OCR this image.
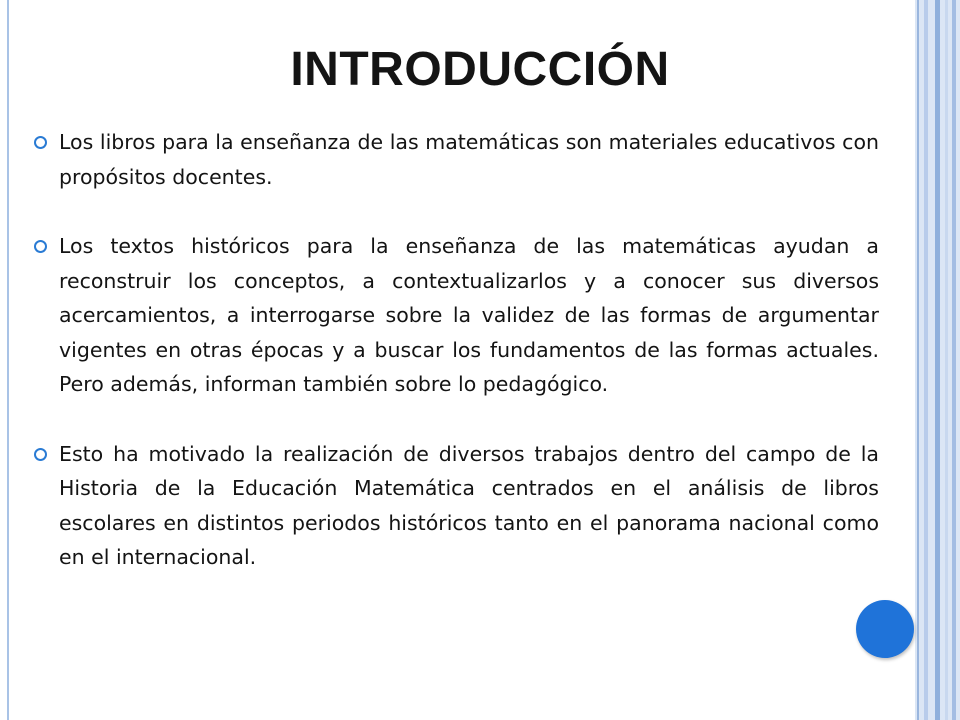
INTRODUCCIÓN
Los libros para la enseñanza de las matemáticas son materiales educativos con propósitos docentes.
Los textos históricos para la enseñanza de las matemáticas ayudan a reconstruir los conceptos, a contextualizarlos y a conocer sus diversos acercamientos, a interrogarse sobre la validez de las formas de argumentar vigentes en otras épocas y a buscar los fundamentos de las formas actuales. Pero además, informan también sobre lo pedagógico.
Esto ha motivado la realización de diversos trabajos dentro del campo de la Historia de la Educación Matemática centrados en el análisis de libros escolares en distintos periodos históricos tanto en el panorama nacional como en el internacional.
